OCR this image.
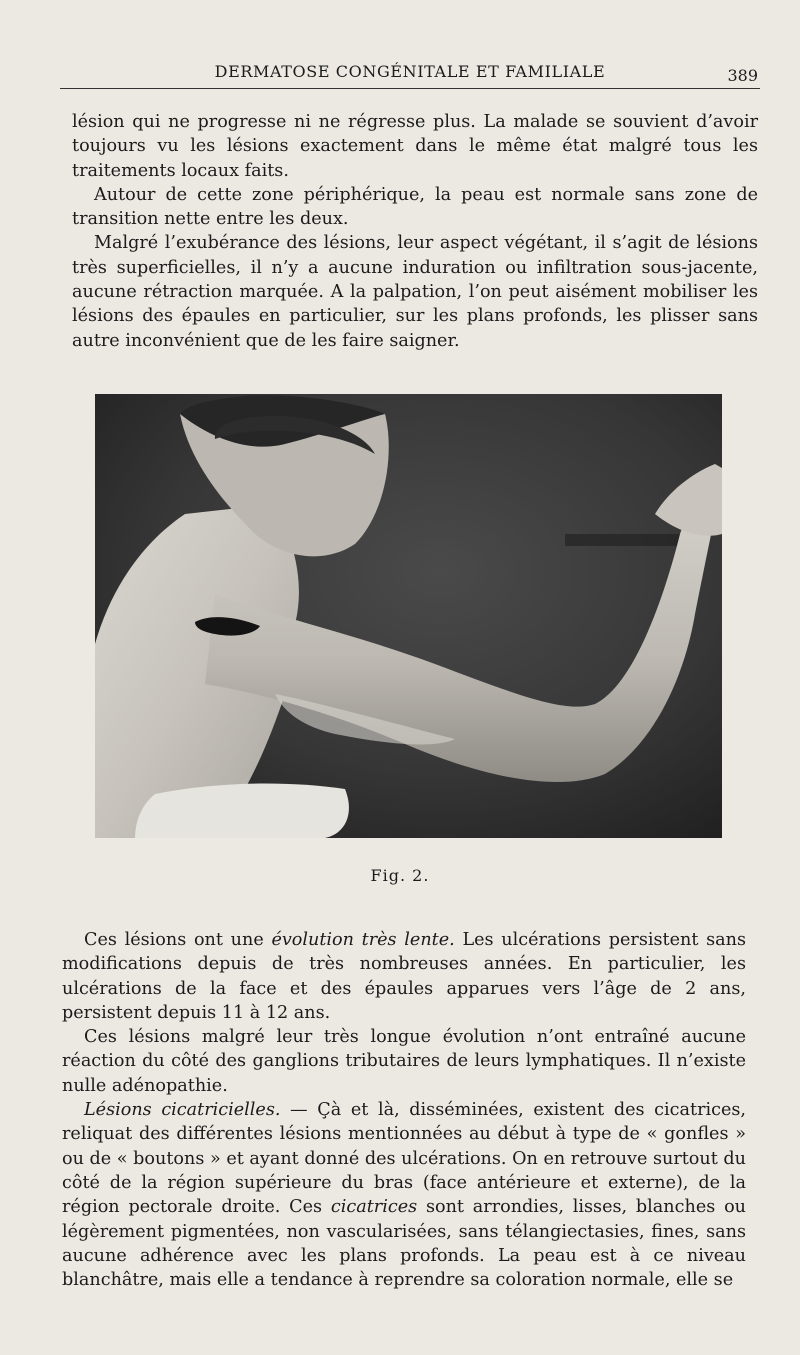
DERMATOSE CONGÉNITALE ET FAMILIALE	389

lésion qui ne progresse ni ne régresse plus. La malade se souvient d’avoir toujours vu les lésions exactement dans le même état malgré tous les traitements locaux faits.

Autour de cette zone périphérique, la peau est normale sans zone de transition nette entre les deux.

Malgré l’exubérance des lésions, leur aspect végétant, il s’agit de lésions très superficielles, il n’y a aucune induration ou infiltration sous-jacente, aucune rétraction marquée. A la palpation, l’on peut aisément mobiliser les lésions des épaules en particulier, sur les plans profonds, les plisser sans autre inconvénient que de les faire saigner.

Fig. 2.

Ces lésions ont une évolution très lente. Les ulcérations persistent sans modifications depuis de très nombreuses années. En particulier, les ulcérations de la face et des épaules apparues vers l’âge de 2 ans, persistent depuis 11 à 12 ans.

Ces lésions malgré leur très longue évolution n’ont entraîné aucune réaction du côté des ganglions tributaires de leurs lymphatiques. Il n’existe nulle adénopathie.

Lésions cicatricielles. — Çà et là, disséminées, existent des cicatrices, reliquat des différentes lésions mentionnées au début à type de « gonfles » ou de « boutons » et ayant donné des ulcérations. On en retrouve surtout du côté de la région supérieure du bras (face antérieure et externe), de la région pectorale droite. Ces cicatrices sont arrondies, lisses, blanches ou légèrement pigmentées, non vascularisées, sans télangiectasies, fines, sans aucune adhérence avec les plans profonds. La peau est à ce niveau blanchâtre, mais elle a tendance à reprendre sa coloration normale, elle se
